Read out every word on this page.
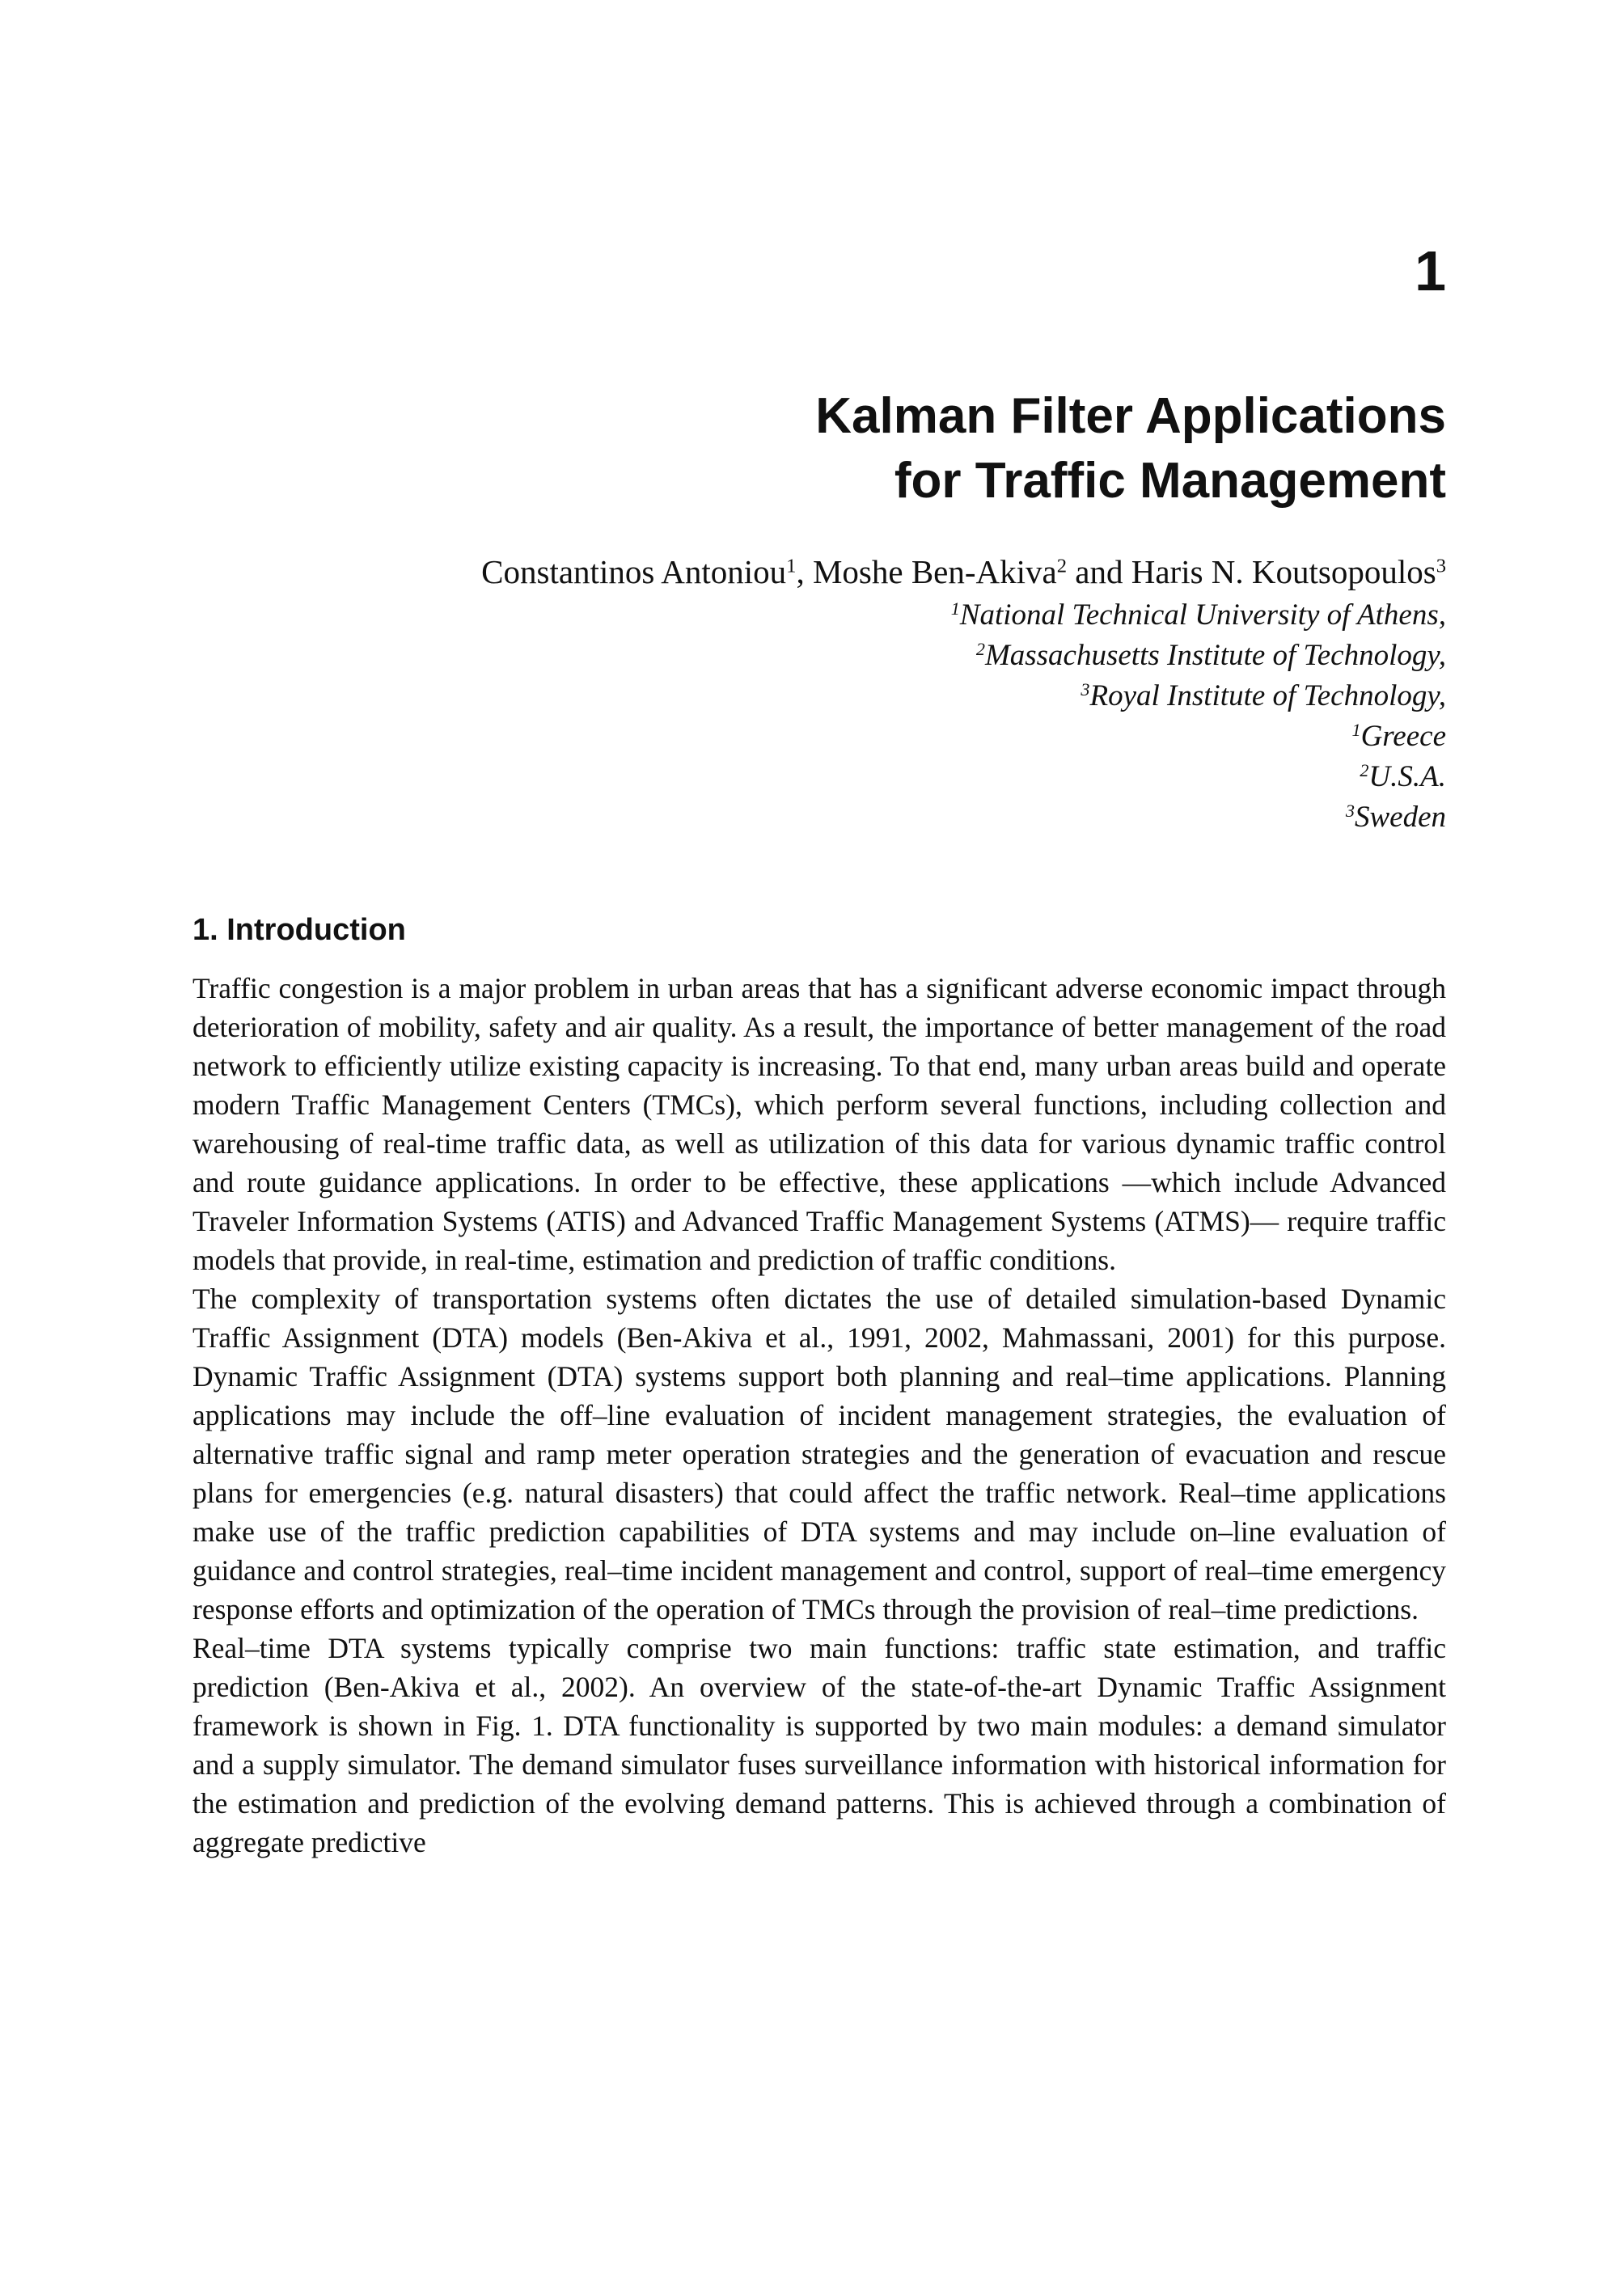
1
Kalman Filter Applications
for Traffic Management
Constantinos Antoniou$^1$, Moshe Ben-Akiva$^2$ and Haris N. Koutsopoulos$^3$
$^1$National Technical University of Athens,
$^2$Massachusetts Institute of Technology,
$^3$Royal Institute of Technology,
$^1$Greece
$^2$U.S.A.
$^3$Sweden
1. Introduction

Traffic congestion is a major problem in urban areas that has a significant adverse economic impact through deterioration of mobility, safety and air quality. As a result, the importance of better management of the road network to efficiently utilize existing capacity is increasing. To that end, many urban areas build and operate modern Traffic Management Centers (TMCs), which perform several functions, including collection and warehousing of real-time traffic data, as well as utilization of this data for various dynamic traffic control and route guidance applications. In order to be effective, these applications —which include Advanced Traveler Information Systems (ATIS) and Advanced Traffic Management Systems (ATMS)— require traffic models that provide, in real-time, estimation and prediction of traffic conditions.

The complexity of transportation systems often dictates the use of detailed simulation-based Dynamic Traffic Assignment (DTA) models (Ben-Akiva et al., 1991, 2002, Mahmassani, 2001) for this purpose. Dynamic Traffic Assignment (DTA) systems support both planning and real–time applications. Planning applications may include the off–line evaluation of incident management strategies, the evaluation of alternative traffic signal and ramp meter operation strategies and the generation of evacuation and rescue plans for emergencies (e.g. natural disasters) that could affect the traffic network. Real–time applications make use of the traffic prediction capabilities of DTA systems and may include on–line evaluation of guidance and control strategies, real–time incident management and control, support of real–time emergency response efforts and optimization of the operation of TMCs through the provision of real–time predictions.

Real–time DTA systems typically comprise two main functions: traffic state estimation, and traffic prediction (Ben-Akiva et al., 2002). An overview of the state-of-the-art Dynamic Traffic Assignment framework is shown in Fig. 1. DTA functionality is supported by two main modules: a demand simulator and a supply simulator. The demand simulator fuses surveillance information with historical information for the estimation and prediction of the evolving demand patterns. This is achieved through a combination of aggregate predictive
